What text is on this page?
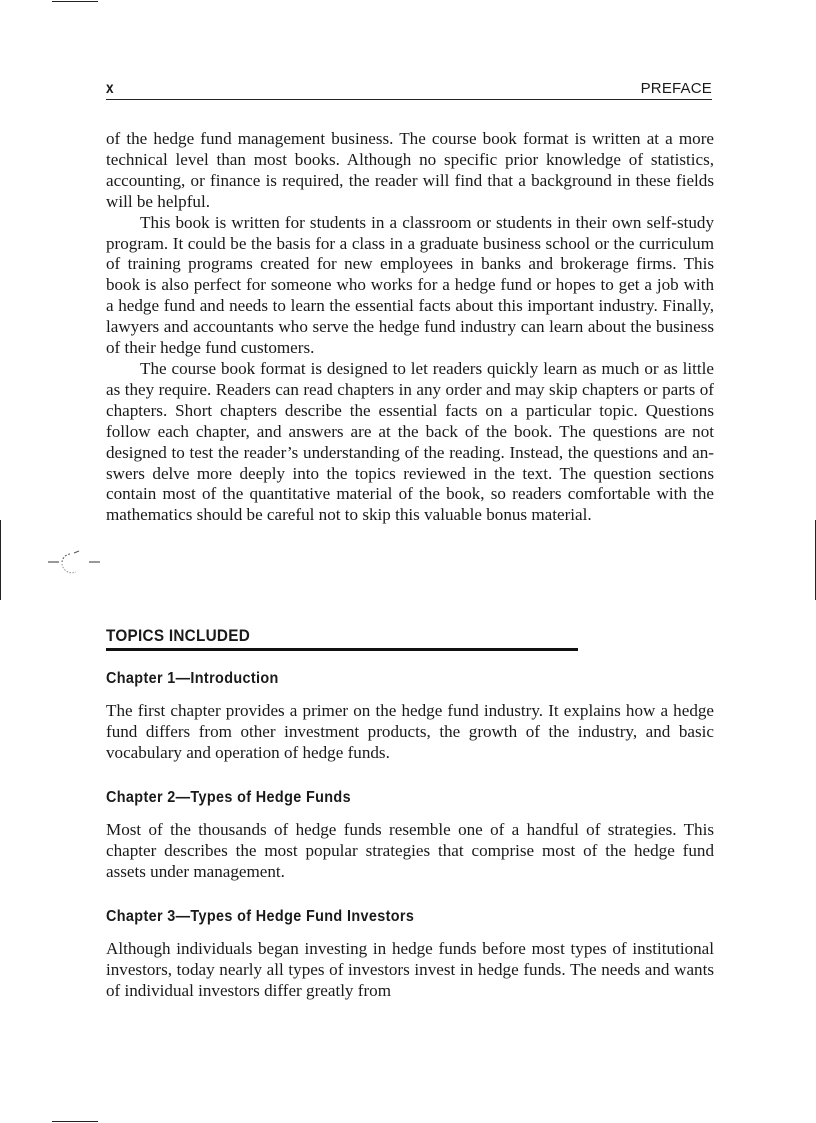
x	PREFACE

of the hedge fund management business. The course book format is written at a more technical level than most books. Although no specific prior knowledge of statistics, accounting, or finance is required, the reader will find that a background in these fields will be helpful.

This book is written for students in a classroom or students in their own self-study program. It could be the basis for a class in a graduate business school or the curriculum of training programs created for new employees in banks and brokerage firms. This book is also perfect for someone who works for a hedge fund or hopes to get a job with a hedge fund and needs to learn the essential facts about this important industry. Finally, lawyers and accountants who serve the hedge fund industry can learn about the business of their hedge fund customers.

The course book format is designed to let readers quickly learn as much or as little as they require. Readers can read chapters in any order and may skip chapters or parts of chapters. Short chapters describe the essential facts on a particular topic. Questions follow each chapter, and answers are at the back of the book. The questions are not designed to test the reader’s understanding of the reading. Instead, the questions and answers delve more deeply into the topics reviewed in the text. The question sections contain most of the quantitative material of the book, so readers comfortable with the mathematics should be careful not to skip this valuable bonus material.

TOPICS INCLUDED
Chapter 1—Introduction

The first chapter provides a primer on the hedge fund industry. It explains how a hedge fund differs from other investment products, the growth of the industry, and basic vocabulary and operation of hedge funds.

Chapter 2—Types of Hedge Funds

Most of the thousands of hedge funds resemble one of a handful of strategies. This chapter describes the most popular strategies that comprise most of the hedge fund assets under management.

Chapter 3—Types of Hedge Fund Investors

Although individuals began investing in hedge funds before most types of institutional investors, today nearly all types of investors invest in hedge funds. The needs and wants of individual investors differ greatly from
